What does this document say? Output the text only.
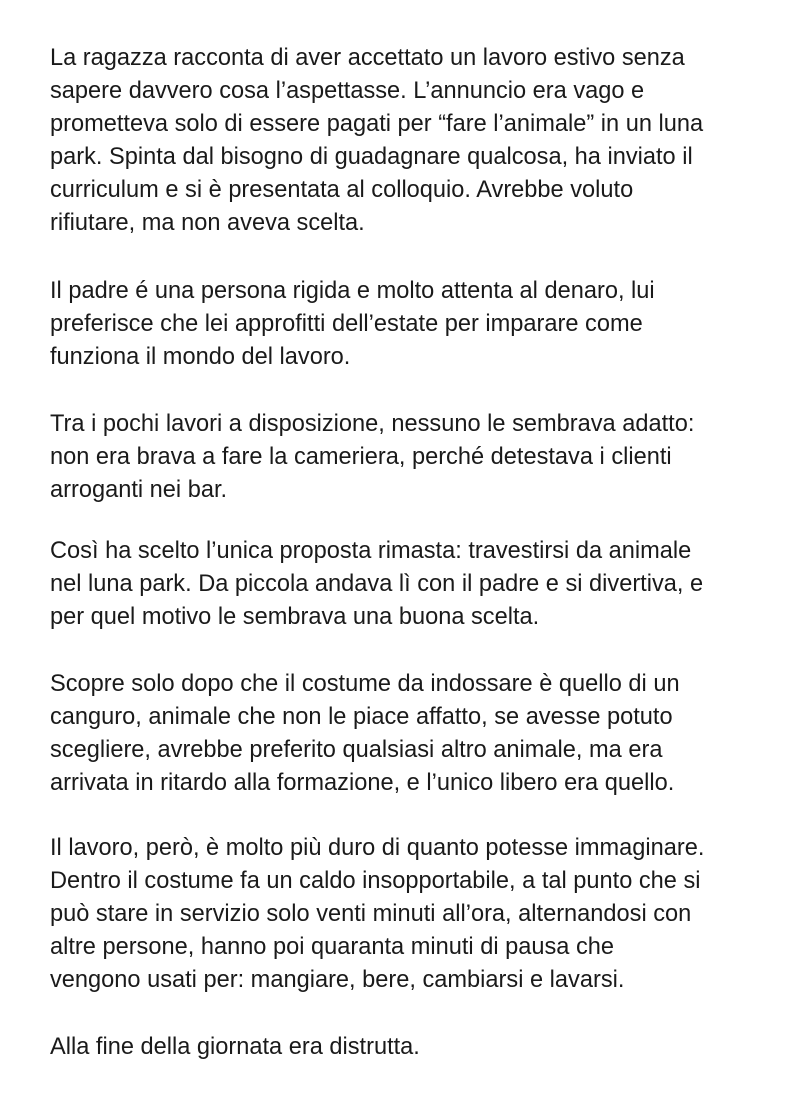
La ragazza racconta di aver accettato un lavoro estivo senza
sapere davvero cosa l’aspettasse. L’annuncio era vago e
prometteva solo di essere pagati per “fare l’animale” in un luna
park. Spinta dal bisogno di guadagnare qualcosa, ha inviato il
curriculum e si è presentata al colloquio. Avrebbe voluto
rifiutare, ma non aveva scelta.

Il padre é una persona rigida e molto attenta al denaro, lui
preferisce che lei approfitti dell’estate per imparare come
funziona il mondo del lavoro.

Tra i pochi lavori a disposizione, nessuno le sembrava adatto:
non era brava a fare la cameriera, perché detestava i clienti
arroganti nei bar.

Così ha scelto l’unica proposta rimasta: travestirsi da animale
nel luna park. Da piccola andava lì con il padre e si divertiva, e
per quel motivo le sembrava una buona scelta.

Scopre solo dopo che il costume da indossare è quello di un
canguro, animale che non le piace affatto, se avesse potuto
scegliere, avrebbe preferito qualsiasi altro animale, ma era
arrivata in ritardo alla formazione, e l’unico libero era quello.

Il lavoro, però, è molto più duro di quanto potesse immaginare.
Dentro il costume fa un caldo insopportabile, a tal punto che si
può stare in servizio solo venti minuti all’ora, alternandosi con
altre persone, hanno poi quaranta minuti di pausa che
vengono usati per: mangiare, bere, cambiarsi e lavarsi.

Alla fine della giornata era distrutta.
